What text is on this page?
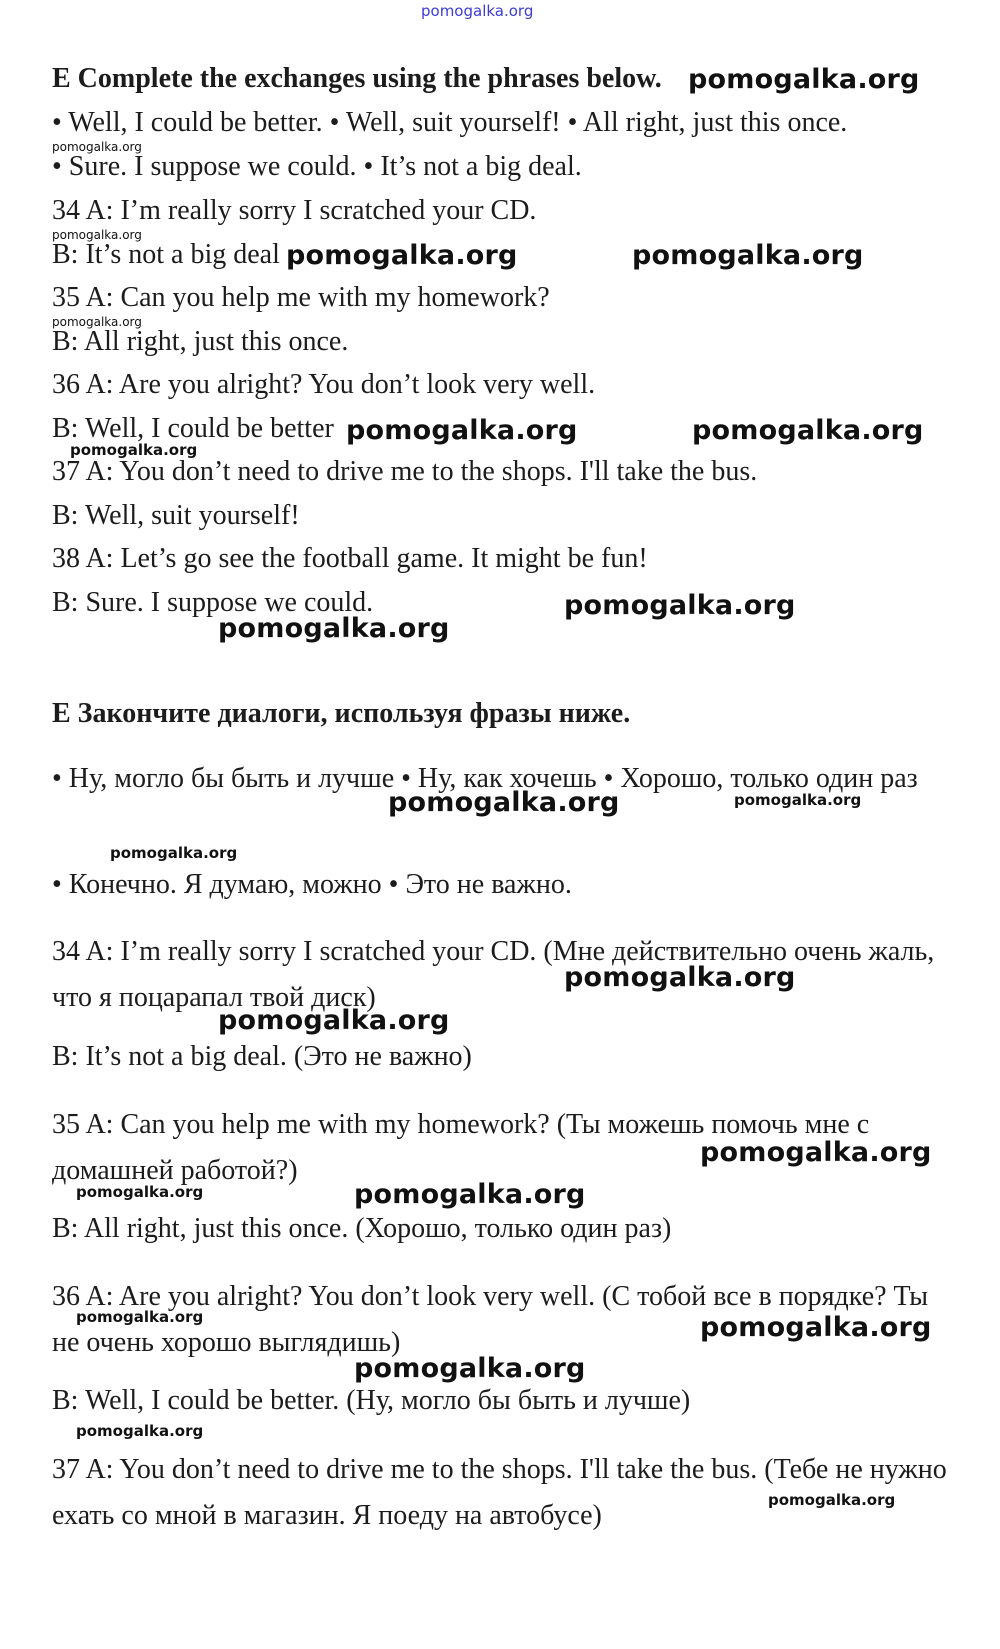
pomogalka.org
E Complete the exchanges using the phrases below.
• Well, I could be better. • Well, suit yourself! • All right, just this once.
• Sure. I suppose we could. • It’s not a big deal.
34 A: I’m really sorry I scratched your CD.
B: It’s not a big deal
35 A: Can you help me with my homework?
B: All right, just this once.
36 A: Are you alright? You don’t look very well.
B: Well, I could be better
37 A: You don’t need to drive me to the shops. I'll take the bus.
B: Well, suit yourself!
38 A: Let’s go see the football game. It might be fun!
B: Sure. I suppose we could.
E Закончите диалоги, используя фразы ниже.
• Ну, могло бы быть и лучше • Ну, как хочешь • Хорошо, только один раз
• Конечно. Я думаю, можно • Это не важно.
34 A: I’m really sorry I scratched your CD. (Мне действительно очень жаль, что я поцарапал твой диск)
B: It’s not a big deal. (Это не важно)
35 A: Can you help me with my homework? (Ты можешь помочь мне с домашней работой?)
B: All right, just this once. (Хорошо, только один раз)
36 A: Are you alright? You don’t look very well. (С тобой все в порядке? Ты не очень хорошо выглядишь)
B: Well, I could be better. (Ну, могло бы быть и лучше)
37 A: You don’t need to drive me to the shops. I'll take the bus. (Тебе не нужно ехать со мной в магазин. Я поеду на автобусе)
pomogalka.org
pomogalka.org
pomogalka.org
pomogalka.org	pomogalka.org
pomogalka.org
pomogalka.org	pomogalka.org
pomogalka.org
pomogalka.org
pomogalka.org
pomogalka.org	pomogalka.org
pomogalka.org
pomogalka.org
pomogalka.org
pomogalka.org
pomogalka.org	pomogalka.org
pomogalka.org	pomogalka.org
pomogalka.org
pomogalka.org
pomogalka.org
